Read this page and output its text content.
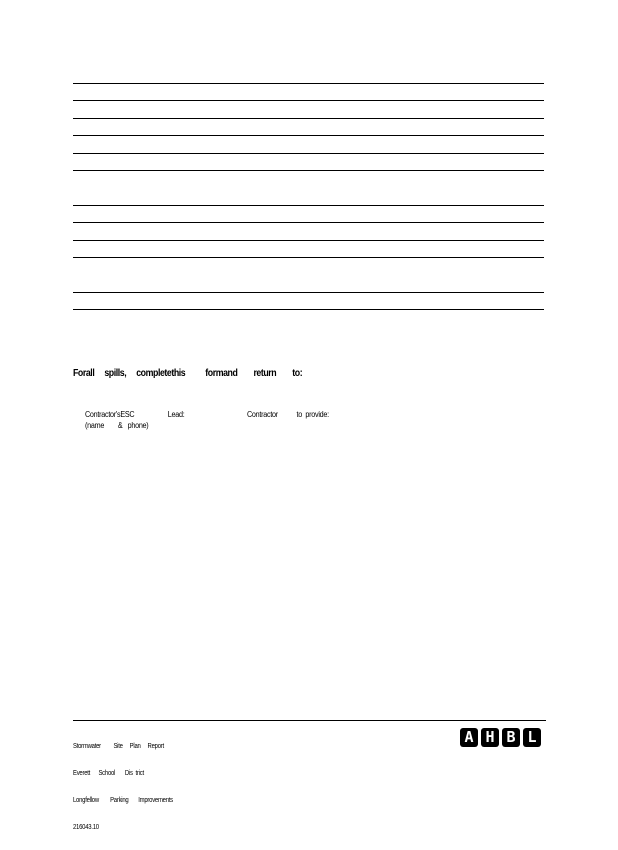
Forall     spills,     completethis          formand        return        to:
Contractor'sESC	Lead:	Contractor	to  provide:
(name        &   phone)

Stormwater         Site     Plan     Report

Everett      School       Dis  trict

Longfellow        Parking       Improvements

216043.10

A H B L
